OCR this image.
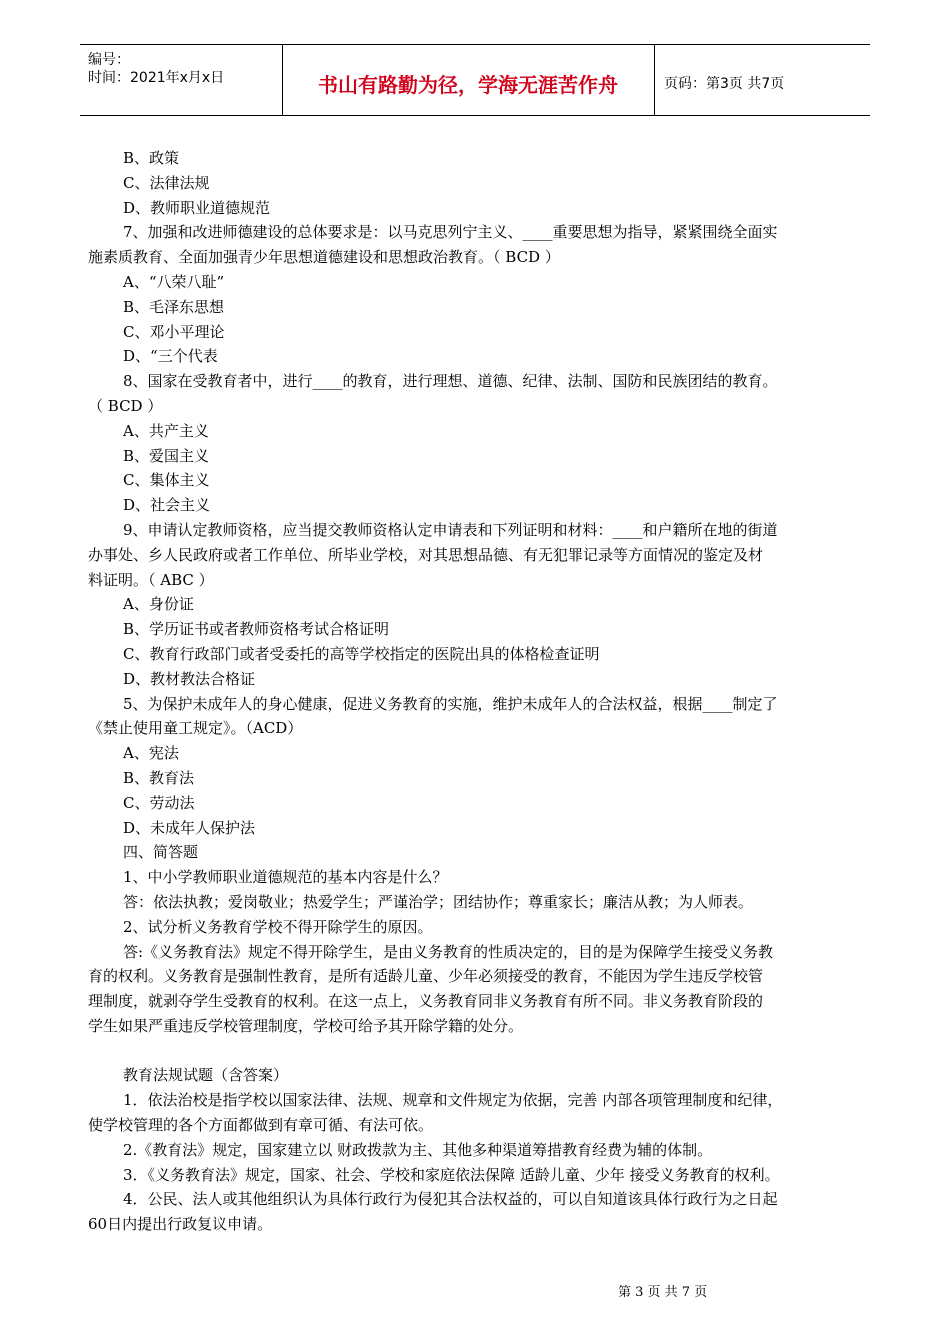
编号：
时间：2021年x月x日	书山有路勤为径，学海无涯苦作舟	页码：第3页 共7页
B、政策
C、法律法规
D、教师职业道德规范
7、加强和改进师德建设的总体要求是：以马克思列宁主义、____重要思想为指导，紧紧围绕全面实
施素质教育、全面加强青少年思想道德建设和思想政治教育。（ BCD ）
A、“八荣八耻”
B、毛泽东思想
C、邓小平理论
D、“三个代表
8、国家在受教育者中，进行____的教育，进行理想、道德、纪律、法制、国防和民族团结的教育。
（ BCD ）
A、共产主义
B、爱国主义
C、集体主义
D、社会主义
9、申请认定教师资格，应当提交教师资格认定申请表和下列证明和材料：____和户籍所在地的街道
办事处、乡人民政府或者工作单位、所毕业学校，对其思想品德、有无犯罪记录等方面情况的鉴定及材
料证明。（ ABC ）
A、身份证
B、学历证书或者教师资格考试合格证明
C、教育行政部门或者受委托的高等学校指定的医院出具的体格检查证明
D、教材教法合格证
5、为保护未成年人的身心健康，促进义务教育的实施，维护未成年人的合法权益，根据____制定了
《禁止使用童工规定》。（ACD）
A、宪法
B、教育法
C、劳动法
D、未成年人保护法
四、简答题
1、中小学教师职业道德规范的基本内容是什么？
答：依法执教；爱岗敬业；热爱学生；严谨治学；团结协作；尊重家长；廉洁从教；为人师表。
2、试分析义务教育学校不得开除学生的原因。
答:《义务教育法》规定不得开除学生，是由义务教育的性质决定的，目的是为保障学生接受义务教
育的权利。义务教育是强制性教育，是所有适龄儿童、少年必须接受的教育，不能因为学生违反学校管
理制度，就剥夺学生受教育的权利。在这一点上，义务教育同非义务教育有所不同。非义务教育阶段的
学生如果严重违反学校管理制度，学校可给予其开除学籍的处分。
教育法规试题（含答案）
1．依法治校是指学校以国家法律、法规、规章和文件规定为依据，完善 内部各项管理制度和纪律，
使学校管理的各个方面都做到有章可循、有法可依。
2.《教育法》规定，国家建立以 财政拨款为主、其他多种渠道筹措教育经费为辅的体制。
3．《义务教育法》规定，国家、社会、学校和家庭依法保障 适龄儿童、少年 接受义务教育的权利。
4．公民、法人或其他组织认为具体行政行为侵犯其合法权益的，可以自知道该具体行政行为之日起
60日内提出行政复议申请。
第 3 页 共 7 页
